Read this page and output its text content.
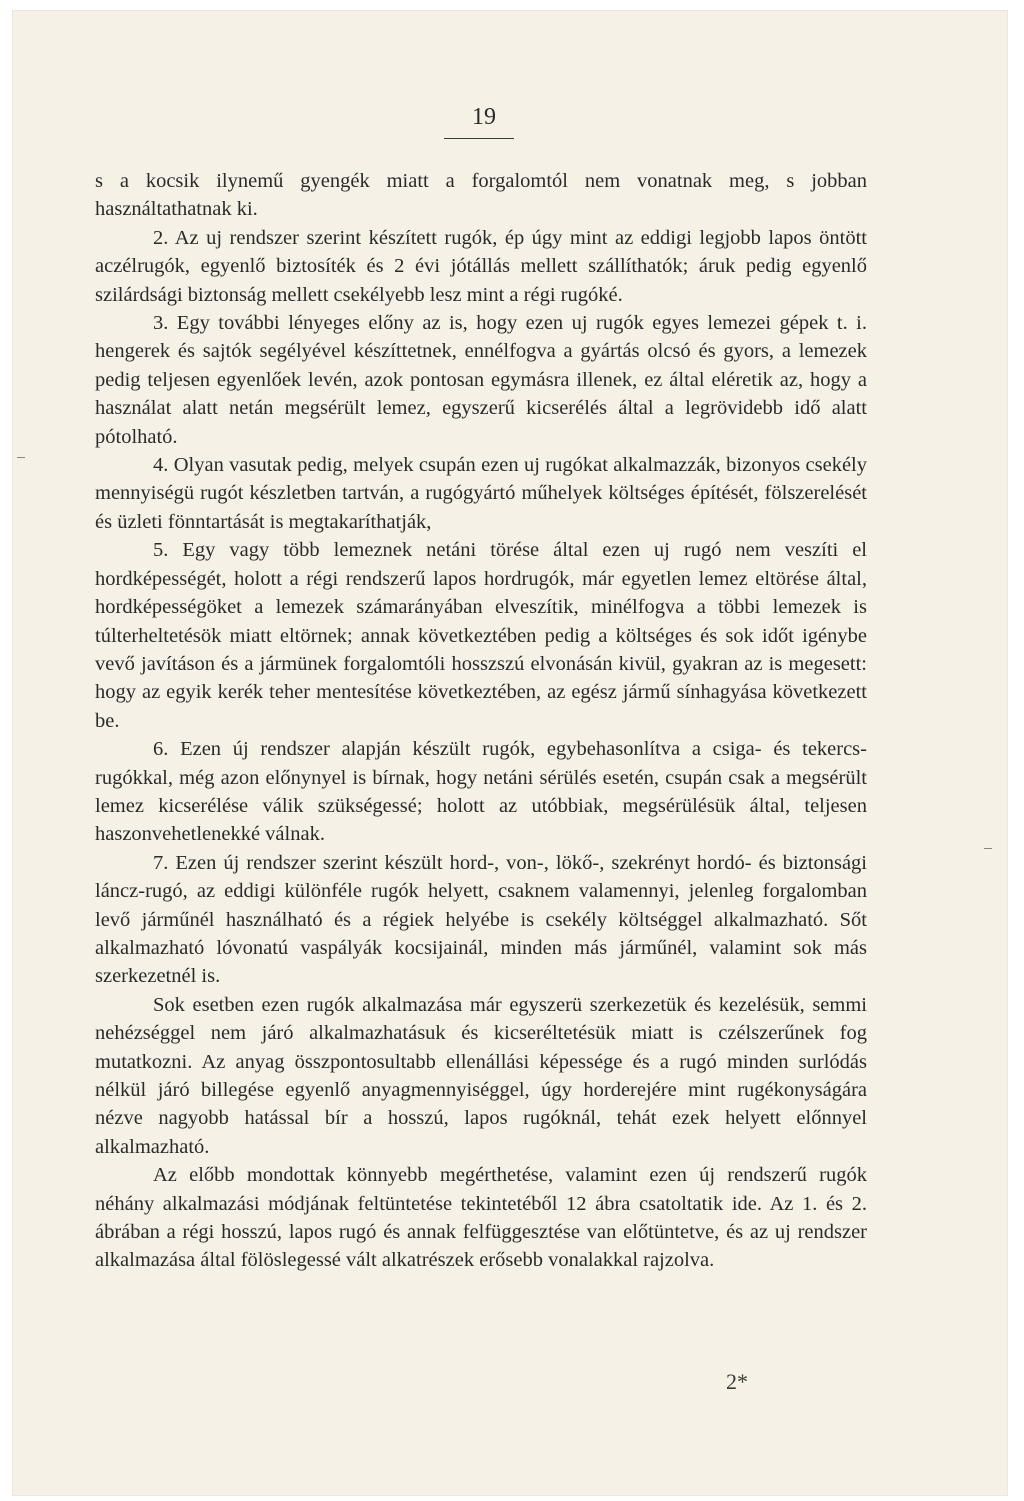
19

s a kocsik ilynemű gyengék miatt a forgalomtól nem vonatnak meg, s jobban használtathatnak ki.

2. Az uj rendszer szerint készített rugók, ép úgy mint az eddigi legjobb lapos öntött aczélrugók, egyenlő biztosíték és 2 évi jótállás mellett szállíthatók; áruk pedig egyenlő szilárdsági biztonság mellett csekélyebb lesz mint a régi rugóké.

3. Egy további lényeges előny az is, hogy ezen uj rugók egyes lemezei gépek t. i. hengerek és sajtók segélyével készíttetnek, ennélfogva a gyártás olcsó és gyors, a lemezek pedig teljesen egyenlőek levén, azok pontosan egymásra illenek, ez által eléretik az, hogy a használat alatt netán megsérült lemez, egyszerű kicserélés által a legrövidebb idő alatt pótolható.

4. Olyan vasutak pedig, melyek csupán ezen uj rugókat alkalmazzák, bizonyos csekély mennyiségü rugót készletben tartván, a rugógyártó műhelyek költséges építését, fölszerelését és üzleti fönntartását is megtakaríthatják,

5. Egy vagy több lemeznek netáni törése által ezen uj rugó nem veszíti el hordképességét, holott a régi rendszerű lapos hordrugók, már egyetlen lemez eltörése által, hordképességöket a lemezek számarányában elveszítik, minélfogva a többi lemezek is túlterheltetésök miatt eltörnek; annak következtében pedig a költséges és sok időt igénybe vevő javításon és a jármünek forgalomtóli hosszszú elvonásán kivül, gyakran az is megesett: hogy az egyik kerék teher mentesítése következtében, az egész jármű sínhagyása következett be.

6. Ezen új rendszer alapján készült rugók, egybehasonlítva a csiga- és tekercs-rugókkal, még azon előnynyel is bírnak, hogy netáni sérülés esetén, csupán csak a megsérült lemez kicserélése válik szükségessé; holott az utóbbiak, megsérülésük által, teljesen haszonvehetlenekké válnak.

7. Ezen új rendszer szerint készült hord-, von-, lökő-, szekrényt hordó- és biztonsági láncz-rugó, az eddigi különféle rugók helyett, csaknem valamennyi, jelenleg forgalomban levő járműnél használható és a régiek helyébe is csekély költséggel alkalmazható. Sőt alkalmazható lóvonatú vaspályák kocsijainál, minden más járműnél, valamint sok más szerkezetnél is.

Sok esetben ezen rugók alkalmazása már egyszerü szerkezetük és kezelésük, semmi nehézséggel nem járó alkalmazhatásuk és kicseréltetésük miatt is czélszerűnek fog mutatkozni. Az anyag összpontosultabb ellenállási képessége és a rugó minden surlódás nélkül járó billegése egyenlő anyagmennyiséggel, úgy horderejére mint rugékonyságára nézve nagyobb hatással bír a hosszú, lapos rugóknál, tehát ezek helyett előnnyel alkalmazható.

Az előbb mondottak könnyebb megérthetése, valamint ezen új rendszerű rugók néhány alkalmazási módjának feltüntetése tekintetéből 12 ábra csatoltatik ide. Az 1. és 2. ábrában a régi hosszú, lapos rugó és annak felfüggesztése van előtüntetve, és az uj rendszer alkalmazása által fölöslegessé vált alkatrészek erősebb vonalakkal rajzolva.

2*
